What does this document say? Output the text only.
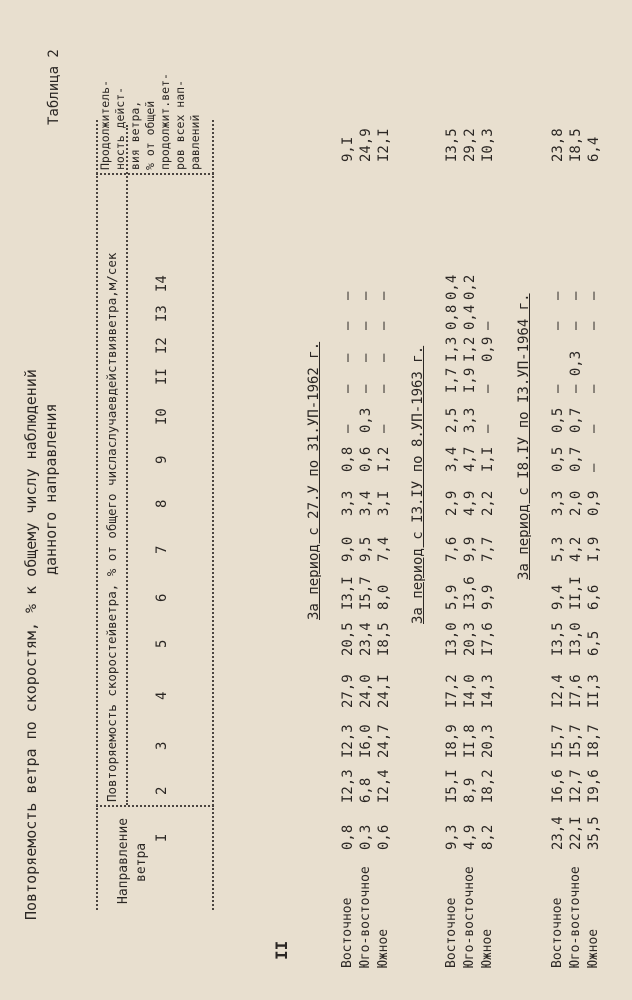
Повторяемость ветра по скоростям, % к общему числу наблюдений данного направления
Таблица 2
Направление ветра
Повторяемость скоростейветра, % от общего числаслучаевдействияветра,м/сек
Продолжитель- ность дейст- вия ветра, % от общей продолжит.вет- ров всех нап- равлений
I
2
3
4
5
6
7
8
9
I0
II
I2
I3
I4
За период с 27.У по 31.УП-1962 г.
Восточное
0,8
I2,3
I2,3
27,9
20,5
I3,I
9,0
3,3
0,8
–
–
–
–
–
9,I
Юго-восточное
0,3
6,8
I6,0
24,0
23,4
I5,7
9,5
3,4
0,6
0,3
–
–
–
–
24,9
Южное
0,6
I2,4
24,7
24,I
I8,5
8,0
7,4
3,I
I,2
–
–
–
–
–
I2,I
За период с I3.IУ по 8.УП-1963 г.
Восточное
9,3
I5,I
I8,9
I7,2
I3,0
5,9
7,6
2,9
3,4
2,5
I,7
I,3
0,8
0,4
I3,5
Юго-восточное
4,9
8,9
II,8
I4,0
20,3
I3,6
9,9
4,9
4,7
3,3
I,9
I,2
0,4
0,2
29,2
Южное
8,2
I8,2
20,3
I4,3
I7,6
9,9
7,7
2,2
I,I
–
–
0,9
–
I0,3
За период с I8.IУ по I3.УП-1964 г.
Восточное
23,4
I6,6
I5,7
I2,4
I3,5
9,4
5,3
3,3
0,5
0,5
–
–
–
23,8
Юго-восточное
22,I
I2,7
I5,7
I7,6
I3,0
II,I
4,2
2,0
0,7
0,7
– 0,3
–
–
I8,5
Южное
35,5
I9,6
I8,7
II,3
6,5
6,6
I,9
0,9
–
–
–
–
–
6,4
II
